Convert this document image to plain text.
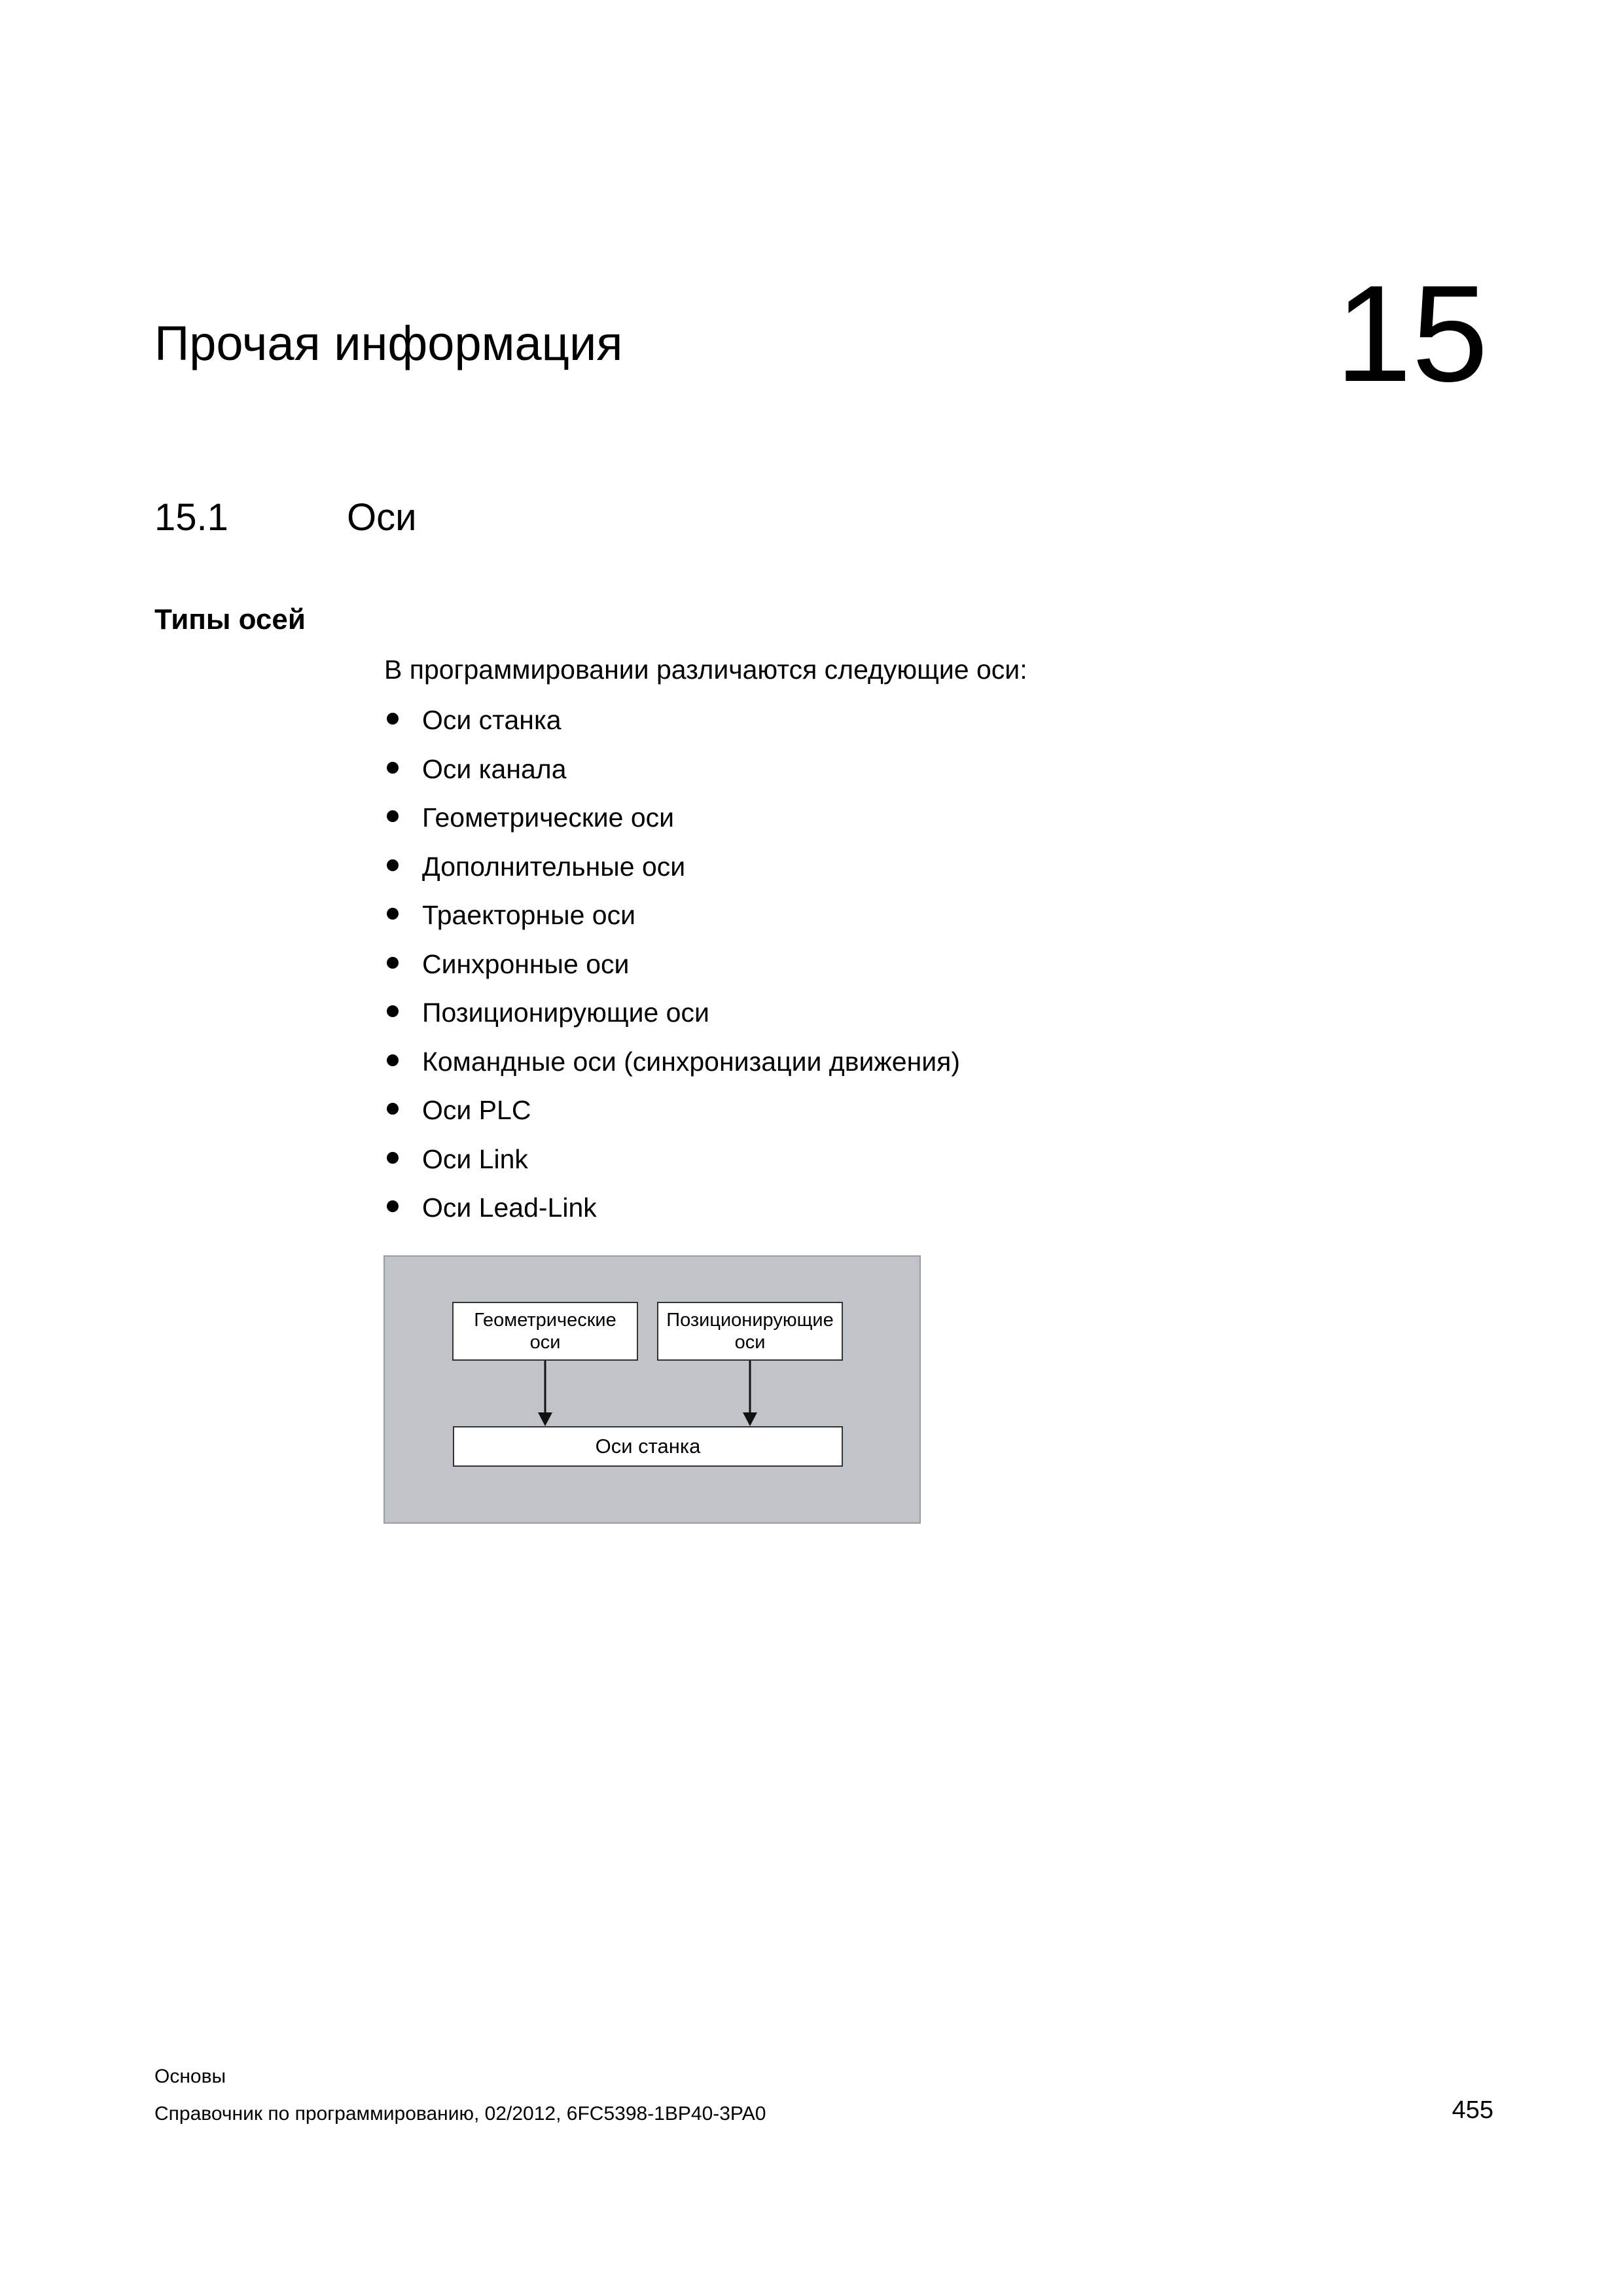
Прочая информация	15
15.1	Оси
Типы осей
В программировании различаются следующие оси:
Оси станка
Оси канала
Геометрические оси
Дополнительные оси
Траекторные оси
Синхронные оси
Позиционирующие оси
Командные оси (синхронизации движения)
Оси PLC
Оси Link
Оси Lead-Link
Геометрические
оси
Позиционирующие
оси
Оси станка
Основы
Справочник по программированию, 02/2012, 6FC5398-1BP40-3PA0	455
